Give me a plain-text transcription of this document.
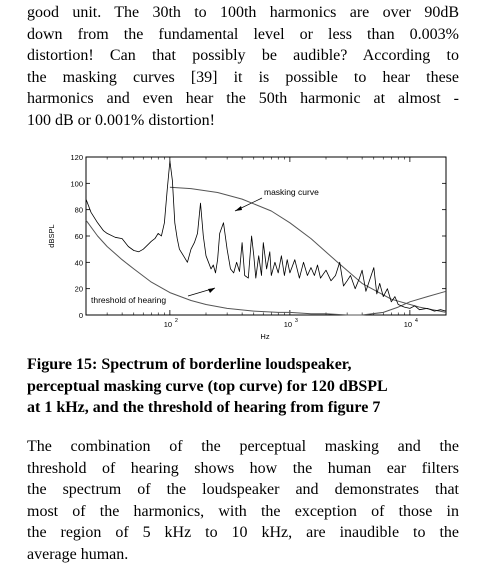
good unit. The 30th to 100th harmonics are over 90dB
down from the fundamental level or less than 0.003%
distortion! Can that possibly be audible? According to
the masking curves [39] it is possible to hear these
harmonics and even hear the 50th harmonic at almost -
100 dB or 0.001% distortion!
0
20
40
60
80
100
120
10 2	10 3	10 4
Hz
dBSPL
masking curve
threshold of hearing
Figure 15: Spectrum of borderline loudspeaker,
perceptual masking curve (top curve) for 120 dBSPL
at 1 kHz, and the threshold of hearing from figure 7
The combination of the perceptual masking and the
threshold of hearing shows how the human ear filters
the spectrum of the loudspeaker and demonstrates that
most of the harmonics, with the exception of those in
the region of 5 kHz to 10 kHz, are inaudible to the
average human.
